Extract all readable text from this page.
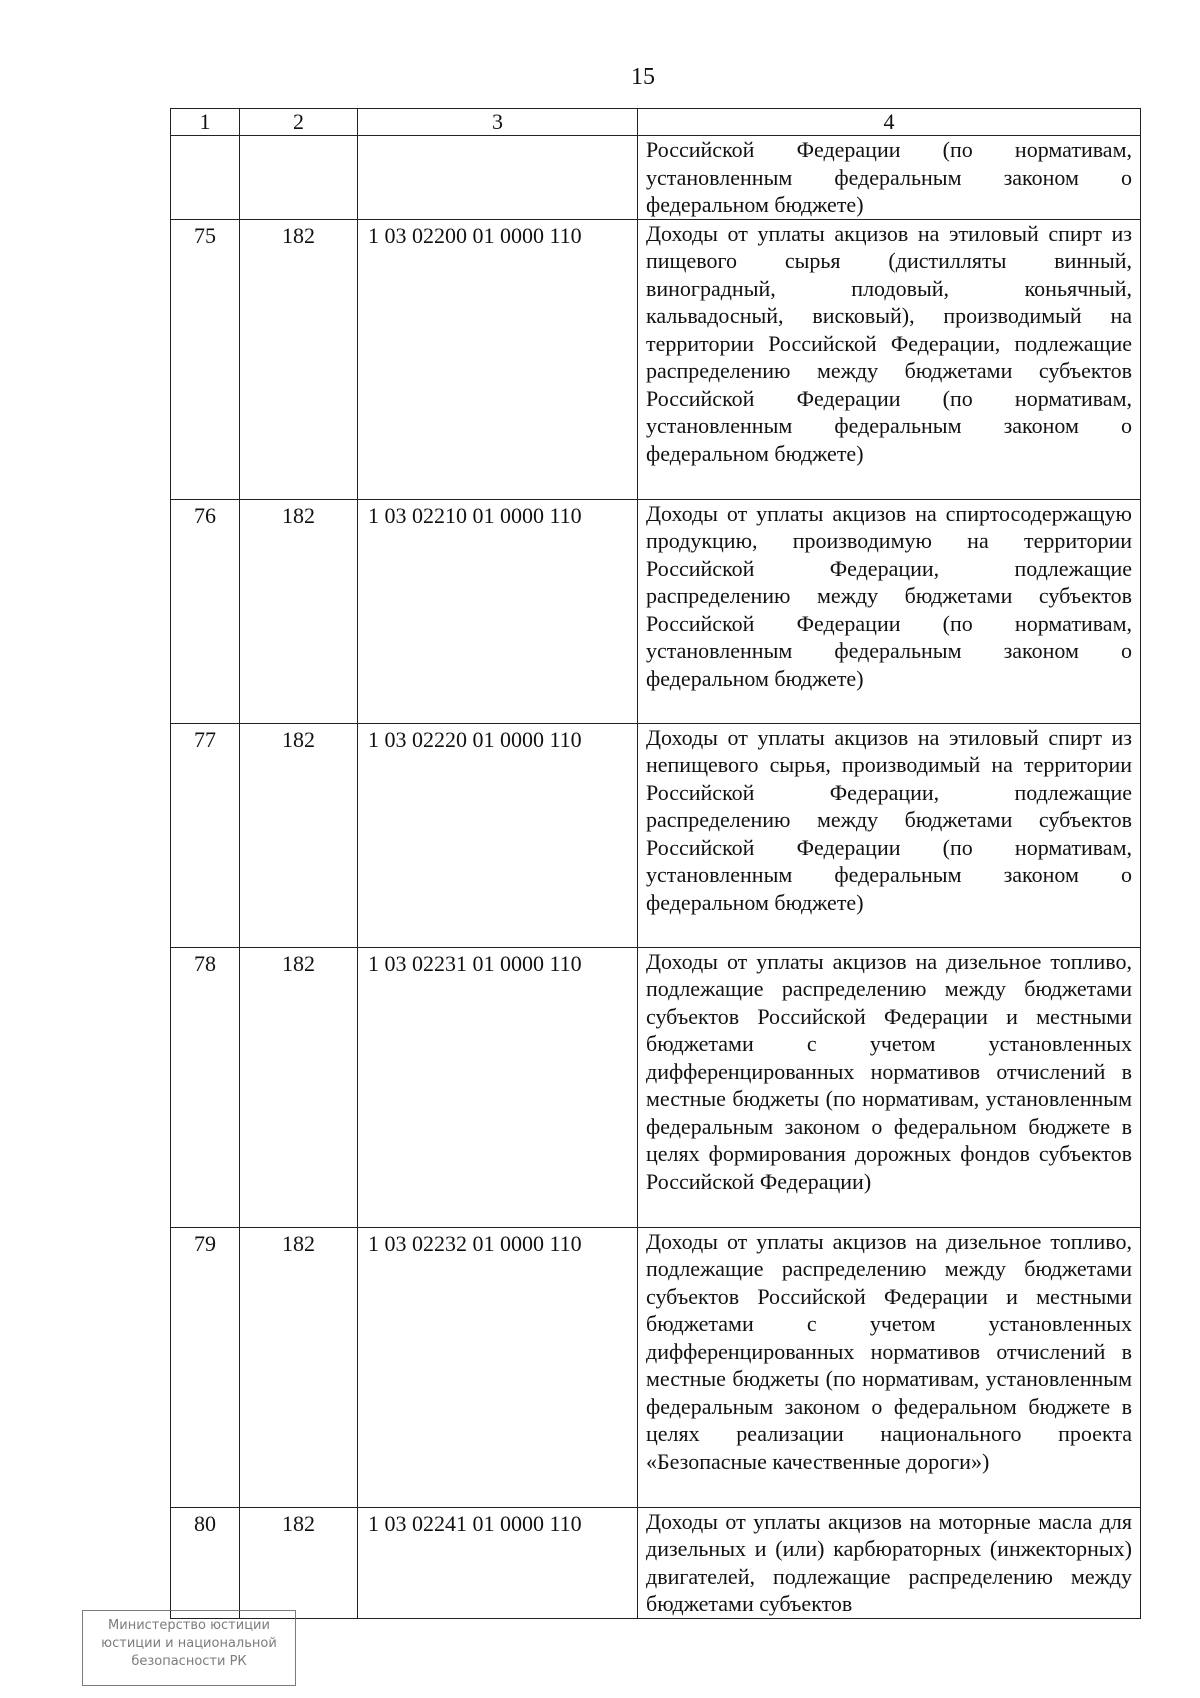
15
1	2	3	4
			Российской Федерации (по нормативам, установленным федеральным законом о федеральном бюджете)
75	182	1 03 02200 01 0000 110	Доходы от уплаты акцизов на этиловый спирт из пищевого сырья (дистилляты винный, виноградный, плодовый, коньячный, кальвадосный, висковый), производимый на территории Российской Федерации, подлежащие распределению между бюджетами субъектов Российской Федерации (по нормативам, установленным федеральным законом о федеральном бюджете)
76	182	1 03 02210 01 0000 110	Доходы от уплаты акцизов на спиртосодержащую продукцию, производимую на территории Российской Федерации, подлежащие распределению между бюджетами субъектов Российской Федерации (по нормативам, установленным федеральным законом о федеральном бюджете)
77	182	1 03 02220 01 0000 110	Доходы от уплаты акцизов на этиловый спирт из непищевого сырья, производимый на территории Российской Федерации, подлежащие распределению между бюджетами субъектов Российской Федерации (по нормативам, установленным федеральным законом о федеральном бюджете)
78	182	1 03 02231 01 0000 110	Доходы от уплаты акцизов на дизельное топливо, подлежащие распределению между бюджетами субъектов Российской Федерации и местными бюджетами с учетом установленных дифференцированных нормативов отчислений в местные бюджеты (по нормативам, установленным федеральным законом о федеральном бюджете в целях формирования дорожных фондов субъектов Российской Федерации)
79	182	1 03 02232 01 0000 110	Доходы от уплаты акцизов на дизельное топливо, подлежащие распределению между бюджетами субъектов Российской Федерации и местными бюджетами с учетом установленных дифференцированных нормативов отчислений в местные бюджеты (по нормативам, установленным федеральным законом о федеральном бюджете в целях реализации национального проекта «Безопасные качественные дороги»)
80	182	1 03 02241 01 0000 110	Доходы от уплаты акцизов на моторные масла для дизельных и (или) карбюраторных (инжекторных) двигателей, подлежащие распределению между бюджетами субъектов
Министерство юстиции
юстиции и национальной
безопасности РК
